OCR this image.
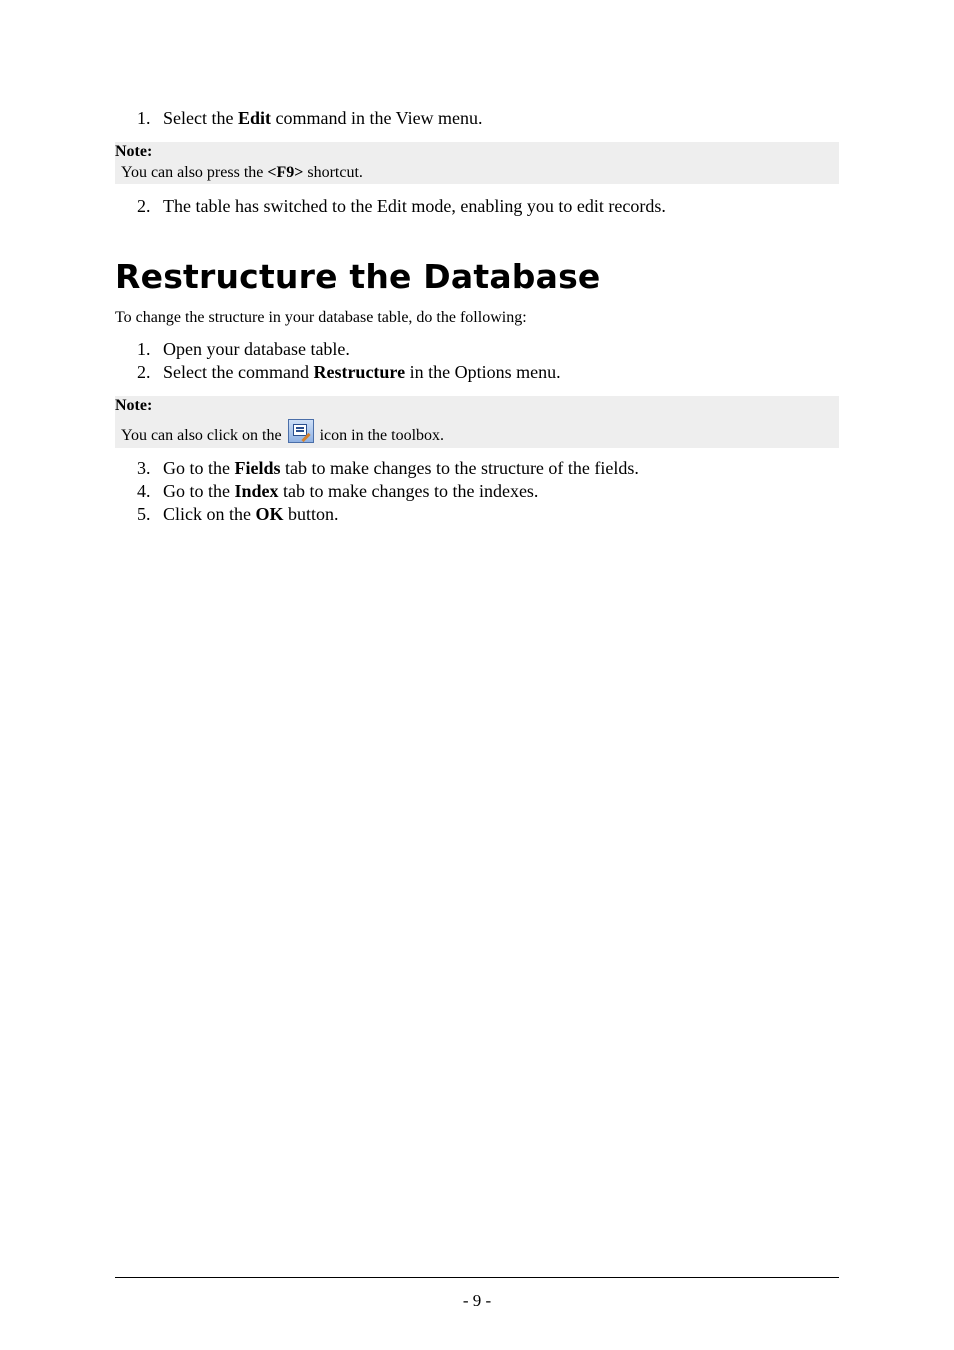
1. Select the Edit command in the View menu.
Note:
You can also press the <F9> shortcut.
2. The table has switched to the Edit mode, enabling you to edit records.
Restructure the Database
To change the structure in your database table, do the following:
1. Open your database table.
2. Select the command Restructure in the Options menu.
Note:
You can also click on the
icon in the toolbox.
3. Go to the Fields tab to make changes to the structure of the fields.
4. Go to the Index tab to make changes to the indexes.
5. Click on the OK button.
- 9 -
